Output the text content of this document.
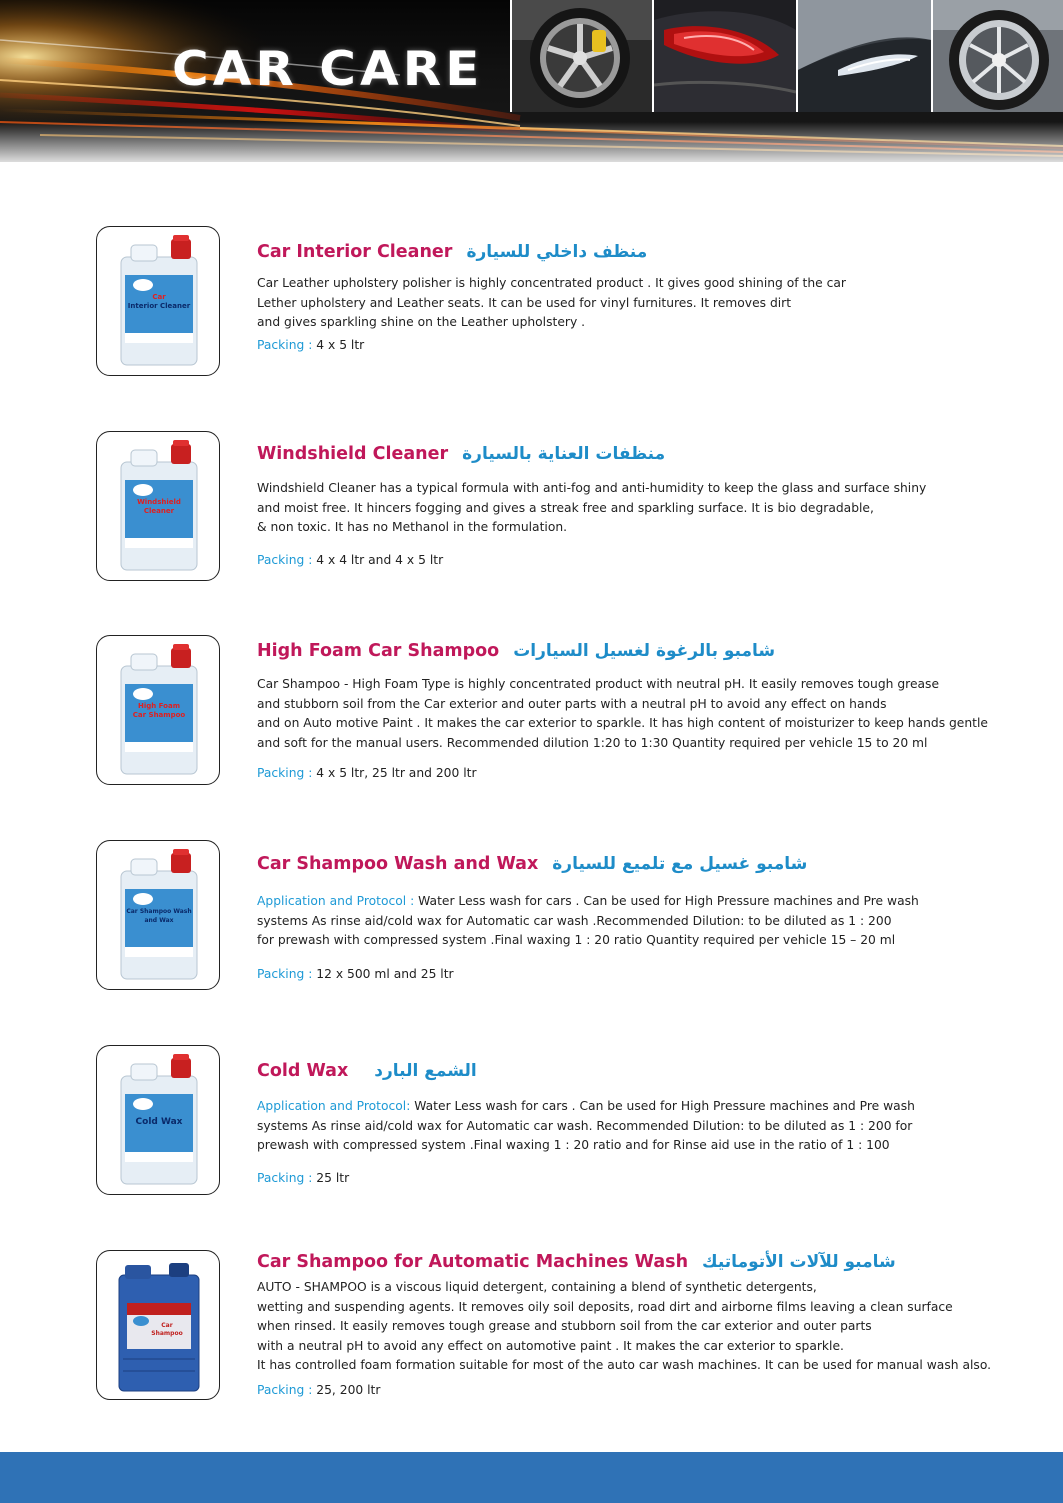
CAR CARE
Car
Interior Cleaner
Car Interior Cleaner منظف داخلي للسيارة
Car Leather upholstery polisher is highly concentrated product . It gives good shining of the car
Lether upholstery and Leather seats. It can be used for vinyl furnitures. It removes dirt
and gives sparkling shine on the Leather upholstery .
Packing : 4 x 5 ltr
Windshield
Cleaner
Windshield Cleaner منظفات العناية بالسيارة
Windshield Cleaner has a typical formula with anti-fog and anti-humidity to keep the glass and surface shiny
and moist free. It hincers fogging and gives a streak free and sparkling surface. It is bio degradable,
& non toxic. It has no Methanol in the formulation.
Packing : 4 x 4 ltr and 4 x 5 ltr
High Foam
Car Shampoo
High Foam Car Shampoo شامبو بالرغوة لغسيل السيارات
Car Shampoo - High Foam Type is highly concentrated product with neutral pH. It easily removes tough grease
and stubborn soil from the Car exterior and outer parts with a neutral pH to avoid any effect on hands
and on Auto motive Paint . It makes the car exterior to sparkle. It has high content of moisturizer to keep hands gentle
and soft for the manual users. Recommended dilution 1:20 to 1:30 Quantity required per vehicle 15 to 20 ml
Packing : 4 x 5 ltr, 25 ltr and 200 ltr
Car Shampoo Wash
and Wax
Car Shampoo Wash and Wax شامبو غسيل مع تلميع للسيارة
Application and Protocol : Water Less wash for cars . Can be used for High Pressure machines and Pre wash
systems As rinse aid/cold wax for Automatic car wash .Recommended Dilution: to be diluted as 1 : 200
for prewash with compressed system .Final waxing 1 : 20 ratio Quantity required per vehicle 15 – 20 ml
Packing : 12 x 500 ml and 25 ltr
Cold Wax
Cold Wax الشمع البارد
Application and Protocol: Water Less wash for cars . Can be used for High Pressure machines and Pre wash
systems As rinse aid/cold wax for Automatic car wash. Recommended Dilution: to be diluted as 1 : 200 for
prewash with compressed system .Final waxing 1 : 20 ratio and for Rinse aid use in the ratio of 1 : 100
Packing : 25 ltr
Car
Shampoo
Car Shampoo for Automatic Machines Wash شامبو للآلات الأتوماتيك
AUTO - SHAMPOO is a viscous liquid detergent, containing a blend of synthetic detergents,
wetting and suspending agents. It removes oily soil deposits, road dirt and airborne films leaving a clean surface
when rinsed. It easily removes tough grease and stubborn soil from the car exterior and outer parts
with a neutral pH to avoid any effect on automotive paint . It makes the car exterior to sparkle.
It has controlled foam formation suitable for most of the auto car wash machines. It can be used for manual wash also.
Packing : 25, 200 ltr
